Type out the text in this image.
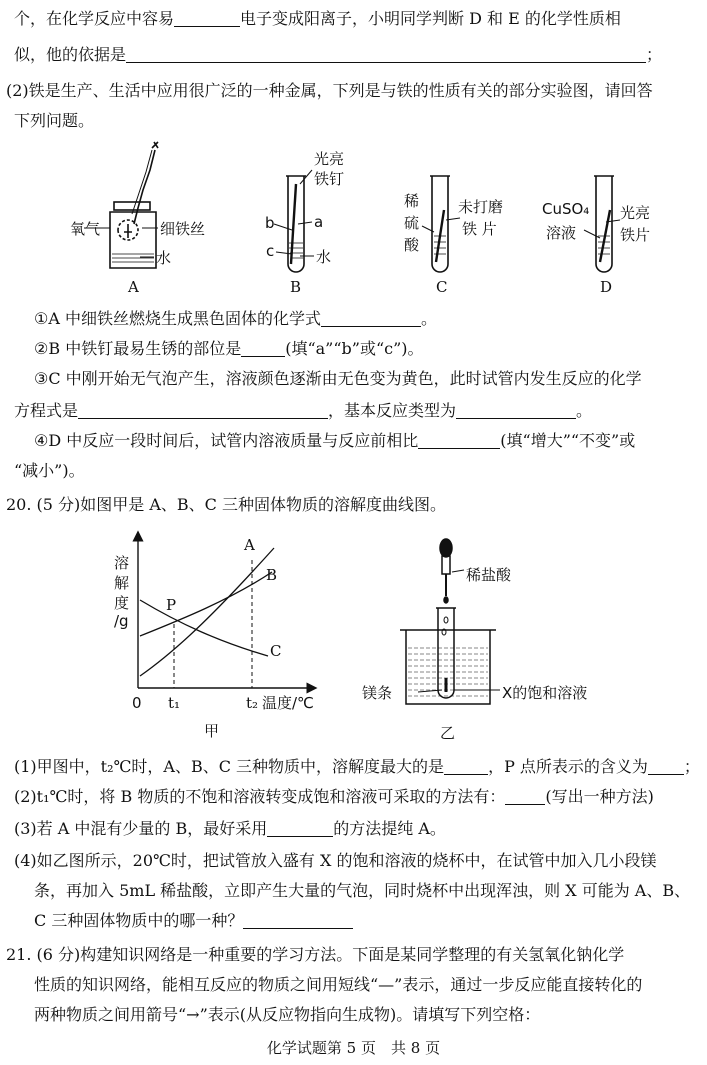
个，在化学反应中容易	电子变成阳离子，小明同学判断 D 和 E 的化学性质相
似，他的依据是	；
(2)铁是生产、生活中应用很广泛的一种金属，下列是与铁的性质有关的部分实验图，请回答
下列问题。
氧气	细铁丝
水
A
光亮
铁钉
a
b
c	水
B
稀
硫
酸
未打磨
铁 片
C
CuSO₄
溶液
光亮
铁片
D
①A 中细铁丝燃烧生成黑色固体的化学式	。
②B 中铁钉最易生锈的部位是	(填“a”“b”或“c”)。
③C 中刚开始无气泡产生，溶液颜色逐渐由无色变为黄色，此时试管内发生反应的化学
方程式是	，基本反应类型为	。
④D 中反应一段时间后，试管内溶液质量与反应前相比	(填“增大”“不变”或
“减小”)。
20. (5 分)如图甲是 A、B、C 三种固体物质的溶解度曲线图。
溶
解
度
/g
0 t₁	t₂ 温度/℃
A
B
C
P
甲
稀盐酸
镁条	X的饱和溶液
乙
(1)甲图中，t₂℃时，A、B、C 三种物质中，溶解度最大的是	，P 点所表示的含义为 ；
(2)t₁℃时，将 B 物质的不饱和溶液转变成饱和溶液可采取的方法有：	(写出一种方法)
(3)若 A 中混有少量的 B，最好采用	的方法提纯 A。
(4)如乙图所示，20℃时，把试管放入盛有 X 的饱和溶液的烧杯中，在试管中加入几小段镁
条，再加入 5mL 稀盐酸，立即产生大量的气泡，同时烧杯中出现浑浊，则 X 可能为 A、B、
C 三种固体物质中的哪一种？
21. (6 分)构建知识网络是一种重要的学习方法。下面是某同学整理的有关氢氧化钠化学
性质的知识网络，能相互反应的物质之间用短线“—”表示，通过一步反应能直接转化的
两种物质之间用箭号“→”表示(从反应物指向生成物)。请填写下列空格：
化学试题第 5 页　共 8 页
